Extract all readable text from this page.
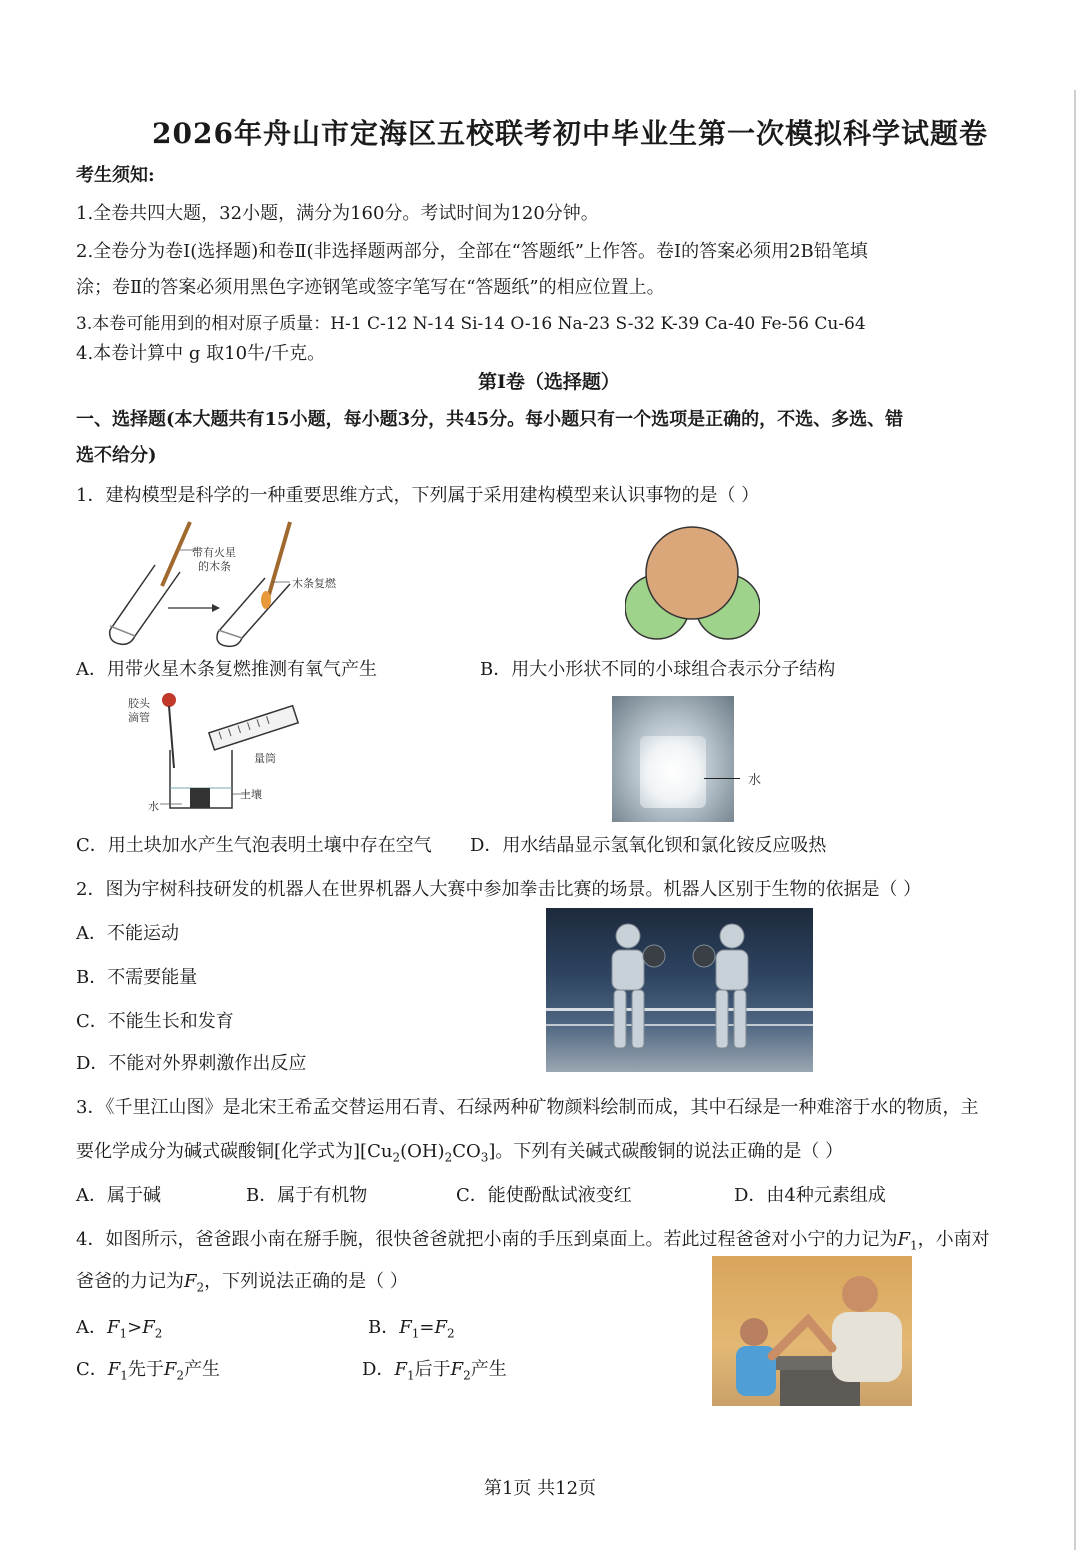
2026年舟山市定海区五校联考初中毕业生第一次模拟科学试题卷
考生须知:
1.全卷共四大题，32小题，满分为160分。考试时间为120分钟。
2.全卷分为卷Ⅰ(选择题)和卷Ⅱ(非选择题两部分，全部在“答题纸”上作答。卷Ⅰ的答案必须用2B铅笔填
涂；卷Ⅱ的答案必须用黑色字迹钢笔或签字笔写在“答题纸”的相应位置上。
3.本卷可能用到的相对原子质量：H-1 C-12 N-14 Si-14 O-16 Na-23 S-32 K-39 Ca-40 Fe-56 Cu-64
4.本卷计算中 g 取10牛/千克。
第Ⅰ卷（选择题）
一、选择题(本大题共有15小题，每小题3分，共45分。每小题只有一个选项是正确的，不选、多选、错
选不给分)
1．建构模型是科学的一种重要思维方式，下列属于采用建构模型来认识事物的是（ ）
带有火星
的木条
木条复燃
A．用带火星木条复燃推测有氧气产生	B．用大小形状不同的小球组合表示分子结构
胶头
滴管
量筒
土壤
水
水
C．用土块加水产生气泡表明土壤中存在空气 D．用水结晶显示氢氧化钡和氯化铵反应吸热
2．图为宇树科技研发的机器人在世界机器人大赛中参加拳击比赛的场景。机器人区别于生物的依据是（ ）
A．不能运动
B．不需要能量
C．不能生长和发育
D．不能对外界刺激作出反应
3．《千里江山图》是北宋王希孟交替运用石青、石绿两种矿物颜料绘制而成，其中石绿是一种难溶于水的物质，主
要化学成分为碱式碳酸铜[化学式为]$[Cu_2(OH)_2CO_3]$。下列有关碱式碳酸铜的说法正确的是（ ）
A．属于碱	B．属于有机物	C．能使酚酞试液变红	D．由4种元素组成
4．如图所示，爸爸跟小南在掰手腕，很快爸爸就把小南的手压到桌面上。若此过程爸爸对小宁的力记为$F_1$，小南对
爸爸的力记为$F_2$，下列说法正确的是（ ）
A．$F_1>F_2$	B．$F_1=F_2$
C．$F_1$先于$F_2$产生	D．$F_1$后于$F_2$产生
第1页 共12页
